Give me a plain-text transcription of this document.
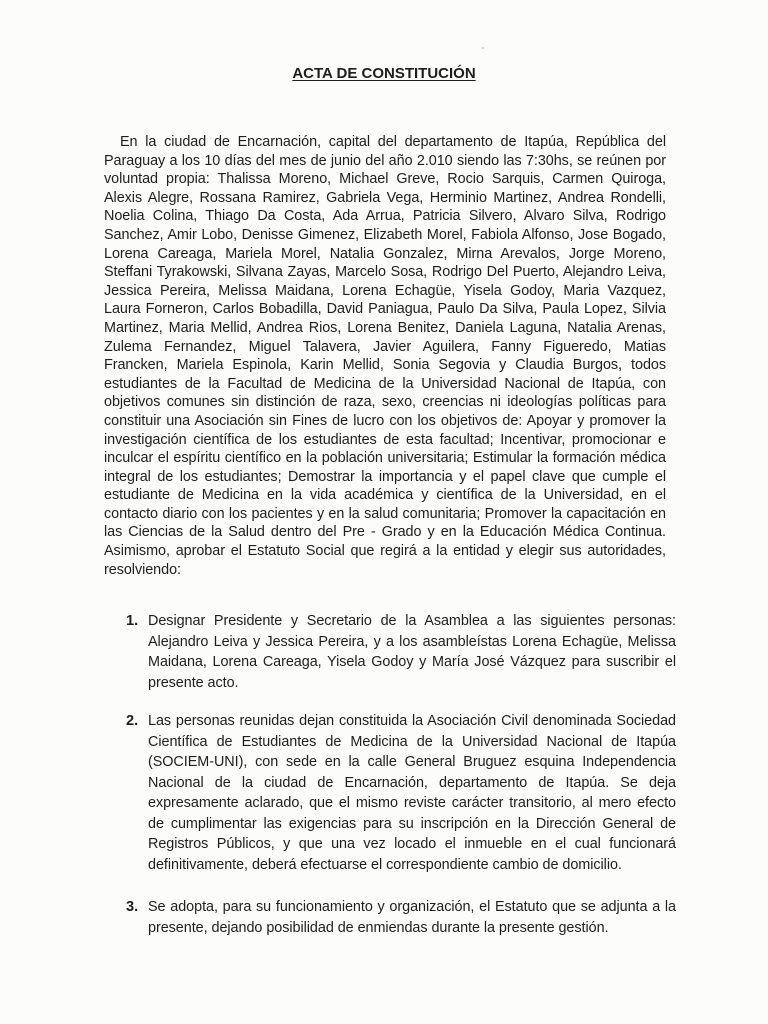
ACTA DE CONSTITUCIÓN

En la ciudad de Encarnación, capital del departamento de Itapúa, República del Paraguay a los 10 días del mes de junio del año 2.010 siendo las 7:30hs, se reúnen por voluntad propia: Thalissa Moreno, Michael Greve, Rocio Sarquis, Carmen Quiroga, Alexis Alegre, Rossana Ramirez, Gabriela Vega, Herminio Martinez, Andrea Rondelli, Noelia Colina, Thiago Da Costa, Ada Arrua, Patricia Silvero, Alvaro Silva, Rodrigo Sanchez, Amir Lobo, Denisse Gimenez, Elizabeth Morel, Fabiola Alfonso, Jose Bogado, Lorena Careaga, Mariela Morel, Natalia Gonzalez, Mirna Arevalos, Jorge Moreno, Steffani Tyrakowski, Silvana Zayas, Marcelo Sosa, Rodrigo Del Puerto, Alejandro Leiva, Jessica Pereira, Melissa Maidana, Lorena Echagüe, Yisela Godoy, Maria Vazquez, Laura Forneron, Carlos Bobadilla, David Paniagua, Paulo Da Silva, Paula Lopez, Silvia Martinez, Maria Mellid, Andrea Rios, Lorena Benitez, Daniela Laguna, Natalia Arenas, Zulema Fernandez, Miguel Talavera, Javier Aguilera, Fanny Figueredo, Matias Francken, Mariela Espinola, Karin Mellid, Sonia Segovia y Claudia Burgos, todos estudiantes de la Facultad de Medicina de la Universidad Nacional de Itapúa, con objetivos comunes sin distinción de raza, sexo, creencias ni ideologías políticas para constituir una Asociación sin Fines de lucro con los objetivos de: Apoyar y promover la investigación científica de los estudiantes de esta facultad; Incentivar, promocionar e inculcar el espíritu científico en la población universitaria; Estimular la formación médica integral de los estudiantes; Demostrar la importancia y el papel clave que cumple el estudiante de Medicina en la vida académica y científica de la Universidad, en el contacto diario con los pacientes y en la salud comunitaria; Promover la capacitación en las Ciencias de la Salud dentro del Pre - Grado y en la Educación Médica Continua. Asimismo, aprobar el Estatuto Social que regirá a la entidad y elegir sus autoridades, resolviendo:

1. Designar Presidente y Secretario de la Asamblea a las siguientes personas: Alejandro Leiva y Jessica Pereira, y a los asambleístas Lorena Echagüe, Melissa Maidana, Lorena Careaga, Yisela Godoy y María José Vázquez para suscribir el presente acto.

2. Las personas reunidas dejan constituida la Asociación Civil denominada Sociedad Científica de Estudiantes de Medicina de la Universidad Nacional de Itapúa (SOCIEM-UNI), con sede en la calle General Bruguez esquina Independencia Nacional de la ciudad de Encarnación, departamento de Itapúa. Se deja expresamente aclarado, que el mismo reviste carácter transitorio, al mero efecto de cumplimentar las exigencias para su inscripción en la Dirección General de Registros Públicos, y que una vez locado el inmueble en el cual funcionará definitivamente, deberá efectuarse el correspondiente cambio de domicilio.

3. Se adopta, para su funcionamiento y organización, el Estatuto que se adjunta a la presente, dejando posibilidad de enmiendas durante la presente gestión.
